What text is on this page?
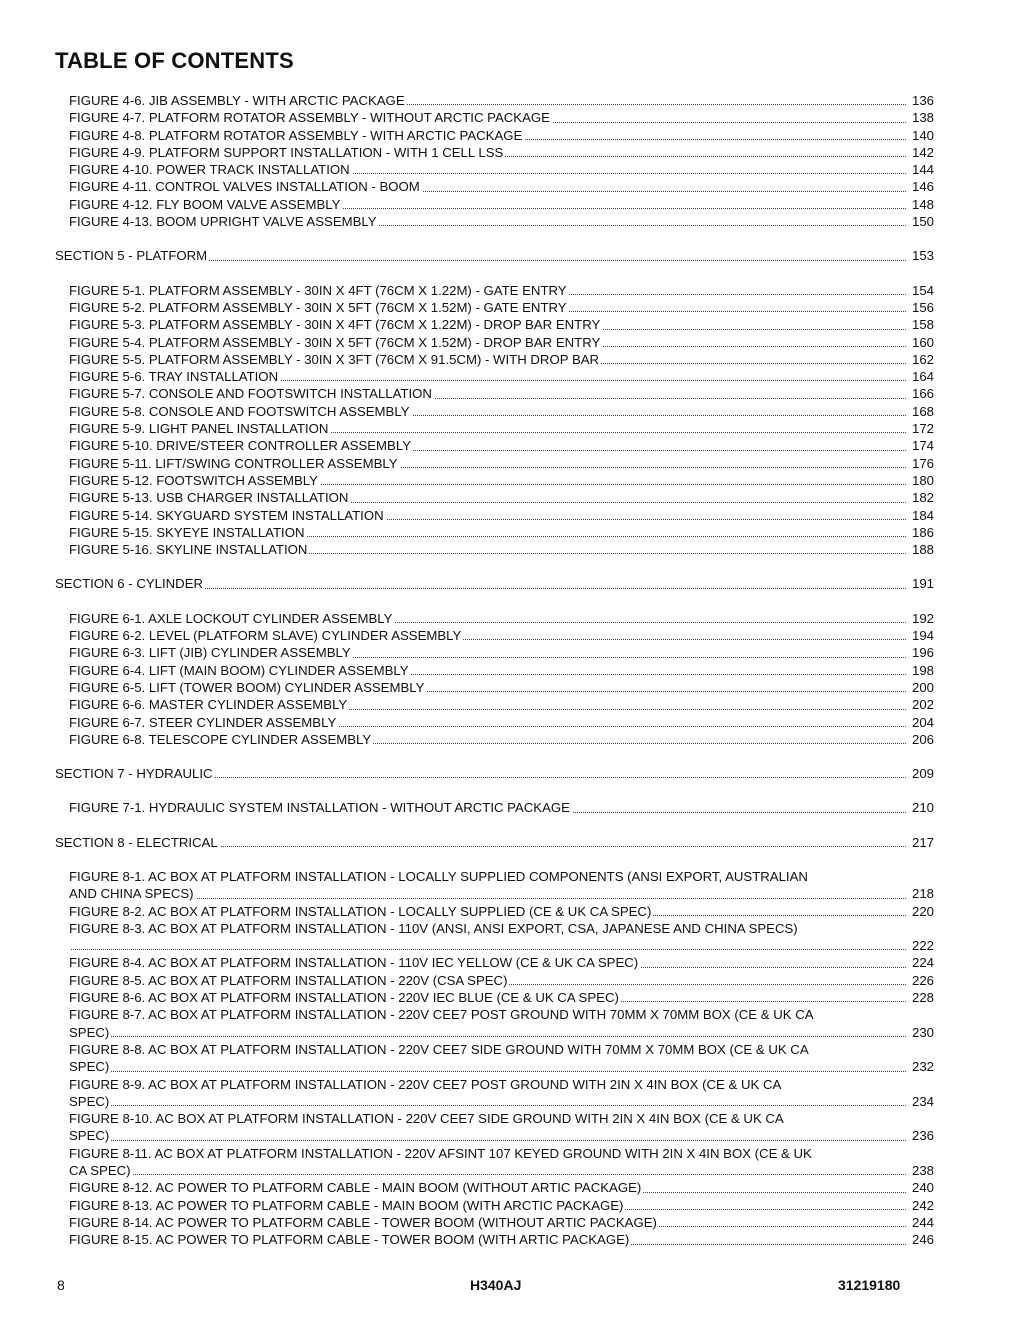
TABLE OF CONTENTS
FIGURE 4-6. JIB ASSEMBLY - WITH ARCTIC PACKAGE	136
FIGURE 4-7. PLATFORM ROTATOR ASSEMBLY - WITHOUT ARCTIC PACKAGE	138
FIGURE 4-8. PLATFORM ROTATOR ASSEMBLY - WITH ARCTIC PACKAGE	140
FIGURE 4-9. PLATFORM SUPPORT INSTALLATION - WITH 1 CELL LSS	142
FIGURE 4-10. POWER TRACK INSTALLATION	144
FIGURE 4-11. CONTROL VALVES INSTALLATION - BOOM	146
FIGURE 4-12. FLY BOOM VALVE ASSEMBLY	148
FIGURE 4-13. BOOM UPRIGHT VALVE ASSEMBLY	150
SECTION 5 - PLATFORM	153
FIGURE 5-1. PLATFORM ASSEMBLY - 30IN X 4FT (76CM X 1.22M) - GATE ENTRY	154
FIGURE 5-2. PLATFORM ASSEMBLY - 30IN X 5FT (76CM X 1.52M) - GATE ENTRY	156
FIGURE 5-3. PLATFORM ASSEMBLY - 30IN X 4FT (76CM X 1.22M) - DROP BAR ENTRY	158
FIGURE 5-4. PLATFORM ASSEMBLY - 30IN X 5FT (76CM X 1.52M) - DROP BAR ENTRY	160
FIGURE 5-5. PLATFORM ASSEMBLY - 30IN X 3FT (76CM X 91.5CM) - WITH DROP BAR	162
FIGURE 5-6. TRAY INSTALLATION	164
FIGURE 5-7. CONSOLE AND FOOTSWITCH INSTALLATION	166
FIGURE 5-8. CONSOLE AND FOOTSWITCH ASSEMBLY	168
FIGURE 5-9. LIGHT PANEL INSTALLATION	172
FIGURE 5-10. DRIVE/STEER CONTROLLER ASSEMBLY	174
FIGURE 5-11. LIFT/SWING CONTROLLER ASSEMBLY	176
FIGURE 5-12. FOOTSWITCH ASSEMBLY	180
FIGURE 5-13. USB CHARGER INSTALLATION	182
FIGURE 5-14. SKYGUARD SYSTEM INSTALLATION	184
FIGURE 5-15. SKYEYE INSTALLATION	186
FIGURE 5-16. SKYLINE INSTALLATION	188
SECTION 6 - CYLINDER	191
FIGURE 6-1. AXLE LOCKOUT CYLINDER ASSEMBLY	192
FIGURE 6-2. LEVEL (PLATFORM SLAVE) CYLINDER ASSEMBLY	194
FIGURE 6-3. LIFT (JIB) CYLINDER ASSEMBLY	196
FIGURE 6-4. LIFT (MAIN BOOM) CYLINDER ASSEMBLY	198
FIGURE 6-5. LIFT (TOWER BOOM) CYLINDER ASSEMBLY	200
FIGURE 6-6. MASTER CYLINDER ASSEMBLY	202
FIGURE 6-7. STEER CYLINDER ASSEMBLY	204
FIGURE 6-8. TELESCOPE CYLINDER ASSEMBLY	206
SECTION 7 - HYDRAULIC	209
FIGURE 7-1. HYDRAULIC SYSTEM INSTALLATION - WITHOUT ARCTIC PACKAGE	210
SECTION 8 - ELECTRICAL	217
FIGURE 8-1. AC BOX AT PLATFORM INSTALLATION - LOCALLY SUPPLIED COMPONENTS (ANSI EXPORT, AUSTRALIAN
AND CHINA SPECS)	218
FIGURE 8-2. AC BOX AT PLATFORM INSTALLATION - LOCALLY SUPPLIED (CE & UK CA SPEC)	220
FIGURE 8-3. AC BOX AT PLATFORM INSTALLATION - 110V (ANSI, ANSI EXPORT, CSA, JAPANESE AND CHINA SPECS)
222
FIGURE 8-4. AC BOX AT PLATFORM INSTALLATION - 110V IEC YELLOW (CE & UK CA SPEC)	224
FIGURE 8-5. AC BOX AT PLATFORM INSTALLATION - 220V (CSA SPEC)	226
FIGURE 8-6. AC BOX AT PLATFORM INSTALLATION - 220V IEC BLUE (CE & UK CA SPEC)	228
FIGURE 8-7. AC BOX AT PLATFORM INSTALLATION - 220V CEE7 POST GROUND WITH 70MM X 70MM BOX (CE & UK CA
SPEC)	230
FIGURE 8-8. AC BOX AT PLATFORM INSTALLATION - 220V CEE7 SIDE GROUND WITH 70MM X 70MM BOX (CE & UK CA
SPEC)	232
FIGURE 8-9. AC BOX AT PLATFORM INSTALLATION - 220V CEE7 POST GROUND WITH 2IN X 4IN BOX (CE & UK CA
SPEC)	234
FIGURE 8-10. AC BOX AT PLATFORM INSTALLATION - 220V CEE7 SIDE GROUND WITH 2IN X 4IN BOX (CE & UK CA
SPEC)	236
FIGURE 8-11. AC BOX AT PLATFORM INSTALLATION - 220V AFSINT 107 KEYED GROUND WITH 2IN X 4IN BOX (CE & UK
CA SPEC)	238
FIGURE 8-12. AC POWER TO PLATFORM CABLE - MAIN BOOM (WITHOUT ARTIC PACKAGE)	240
FIGURE 8-13. AC POWER TO PLATFORM CABLE - MAIN BOOM (WITH ARCTIC PACKAGE)	242
FIGURE 8-14. AC POWER TO PLATFORM CABLE - TOWER BOOM (WITHOUT ARTIC PACKAGE)	244
FIGURE 8-15. AC POWER TO PLATFORM CABLE - TOWER BOOM (WITH ARTIC PACKAGE)	246
8	H340AJ	31219180
